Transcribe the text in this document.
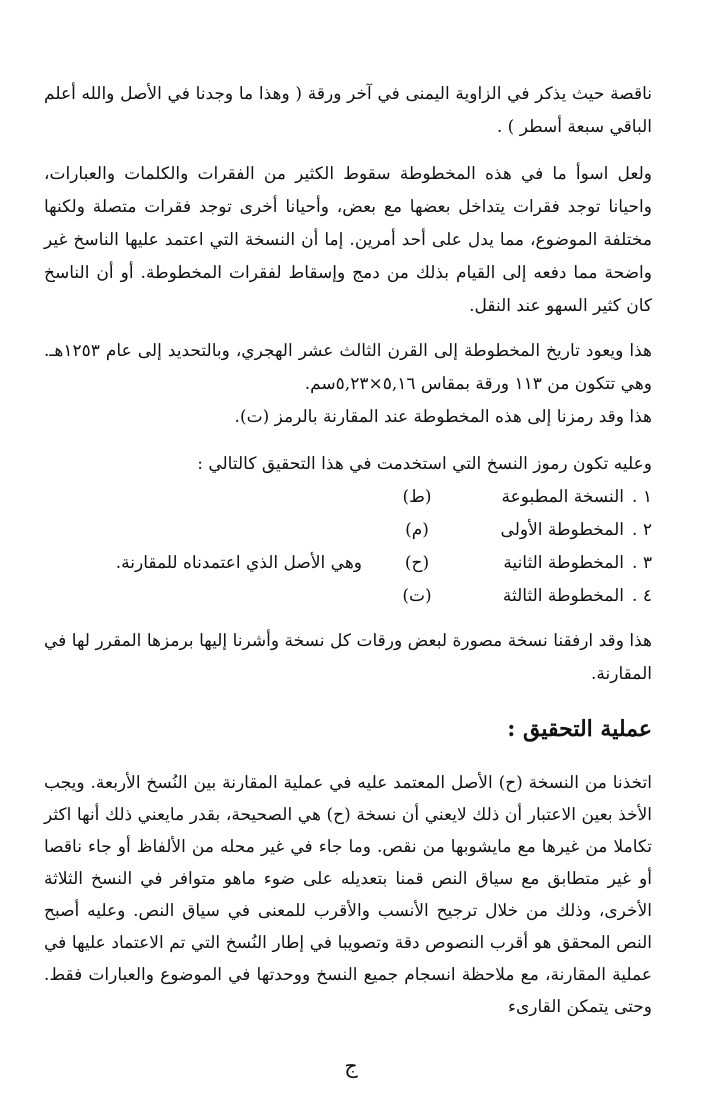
ناقصة حيث يذكر في الزاوية اليمنى في آخر ورقة ( وهذا ما وجدنا في الأصل والله أعلم الباقي سبعة أسطر ) .

ولعل اسوأ ما في هذه المخطوطة سقوط الكثير من الفقرات والكلمات والعبارات، واحيانا توجد فقرات يتداخل بعضها مع بعض، وأحيانا أخرى توجد فقرات متصلة ولكنها مختلفة الموضوع، مما يدل على أحد أمرين. إما أن النسخة التي اعتمد عليها الناسخ غير واضحة مما دفعه إلى القيام بذلك من دمج وإسقاط لفقرات المخطوطة. أو أن الناسخ كان كثير السهو عند النقل.

هذا ويعود تاريخ المخطوطة إلى القرن الثالث عشر الهجري، وبالتحديد إلى عام ١٢٥٣هـ. وهي تتكون من ١١٣ ورقة بمقاس ٥,١٦×٥,٢٣سم.

هذا وقد رمزنا إلى هذه المخطوطة عند المقارنة بالرمز (ت).

وعليه تكون رموز النسخ التي استخدمت في هذا التحقيق كالتالي :

١ .
النسخة المطبوعة
(ط)
٢ .
المخطوطة الأولى
(م)
٣ .
المخطوطة الثانية
(ح)
وهي الأصل الذي اعتمدناه للمقارنة.
٤ .
المخطوطة الثالثة
(ت)

هذا وقد ارفقنا نسخة مصورة لبعض ورقات كل نسخة وأشرنا إليها برمزها المقرر لها في المقارنة.

عملية التحقيق :

اتخذنا من النسخة (ح) الأصل المعتمد عليه في عملية المقارنة بين النُسخ الأربعة. ويجب الأخذ بعين الاعتبار أن ذلك لايعني أن نسخة (ح) هي الصحيحة، بقدر مايعني ذلك أنها اكثر تكاملا من غيرها مع مايشوبها من نقص. وما جاء في غير محله من الألفاظ أو جاء ناقصا أو غير متطابق مع سياق النص قمنا بتعديله على ضوء ماهو متوافر في النسخ الثلاثة الأخرى، وذلك من خلال ترجيح الأنسب والأقرب للمعنى في سياق النص. وعليه أصبح النص المحقق هو أقرب النصوص دقة وتصويبا في إطار النُسخ التي تم الاعتماد عليها في عملية المقارنة، مع ملاحظة انسجام جميع النسخ ووحدتها في الموضوع والعبارات فقط. وحتى يتمكن القارىء

ج
